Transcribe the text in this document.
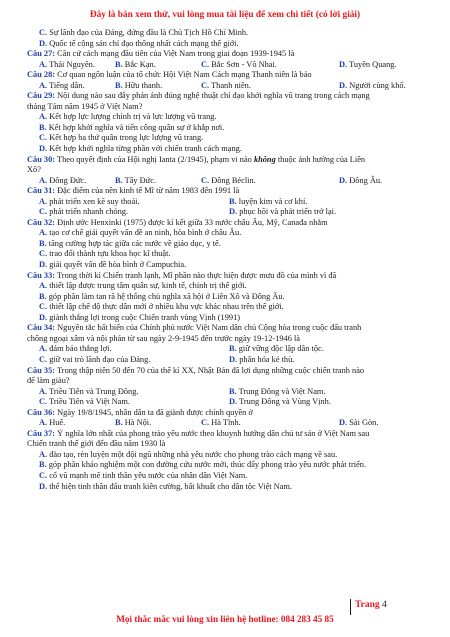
Đây là bản xem thử, vui lòng mua tài liệu để xem chi tiết (có lời giải)
C. Sự lãnh đạo của Đảng, đứng đầu là Chủ Tịch Hồ Chí Minh.
D. Quốc tế cộng sản chỉ đạo thống nhất cách mạng thế giới.
Câu 27: Căn cứ cách mạng đầu tiên của Việt Nam trong giai đoạn 1939-1945 là
A. Thái Nguyên.	B. Bắc Kạn.	C. Bắc Sơn - Võ Nhai.	D. Tuyên Quang.
Câu 28: Cơ quan ngôn luận của tổ chức Hội Việt Nam Cách mạng Thanh niên là báo
A. Tiếng dân.	B. Hữu thanh.	C. Thanh niên.	D. Người cùng khổ.
Câu 29: Nội dung nào sau đây phản ánh đúng nghệ thuật chỉ đạo khởi nghĩa vũ trang trong cách mạng
tháng Tám năm 1945 ở Việt Nam?
A. Kết hợp lực lượng chính trị và lực lượng vũ trang.
B. Kết hợp khởi nghĩa và tiến công quân sự ở khắp nơi.
C. Kết hợp ba thứ quân trong lực lượng vũ trang.
D. Kết hợp khởi nghĩa từng phần với chiến tranh cách mạng.
Câu 30: Theo quyết định của Hội nghị Ianta (2/1945), phạm vi nào không thuộc ảnh hưởng của Liên
Xô?
A. Đông Đức.	B. Tây Đức.	C. Đông Béclin.	D. Đông Âu.
Câu 31: Đặc điểm của nền kinh tế Mĩ từ năm 1983 đến 1991 là
A. phát triển xen kẽ suy thoái.	B. luyện kim và cơ khí.
C. phát triển nhanh chóng.	D. phục hồi và phát triển trở lại.
Câu 32: Định ước Henxinki (1975) được kí kết giữa 33 nước châu Âu, Mỹ, Canađa nhằm
A. tạo cơ chế giải quyết vấn đề an ninh, hòa bình ở châu Âu.
B. tăng cường hợp tác giữa các nước về giáo dục, y tế.
C. trao đổi thành tựu khoa học kĩ thuật.
D. giải quyết vấn đề hòa bình ở Campuchia.
Câu 33: Trong thời kì Chiến tranh lạnh, Mĩ phần nào thực hiện được mưu đồ của mình vì đã
A. thiết lập được trung tâm quân sự, kinh tế, chính trị thế giới.
B. góp phần làm tan rã hệ thống chủ nghĩa xã hội ở Liên Xô và Đông Âu.
C. thiết lập chế độ thực dân mới ở nhiều khu vực khác nhau trên thế giới.
D. giành thắng lợi trong cuộc Chiến tranh vùng Vịnh (1991)
Câu 34: Nguyên tắc bất biến của Chính phủ nước Việt Nam dân chủ Cộng hòa trong cuộc đấu tranh
chống ngoại xâm và nội phản từ sau ngày 2-9-1945 đến trước ngày 19-12-1946 là
A. đảm bảo thắng lợi.	B. giữ vững độc lập dân tộc.
C. giữ vai trò lãnh đạo của Đảng.	D. phân hóa kẻ thù.
Câu 35: Trong thập niên 50 đến 70 của thế kỉ XX, Nhật Bản đã lợi dụng những cuộc chiến tranh nào
để làm giàu?
A. Triều Tiên và Trung Đông.	B. Trung Đông và Việt Nam.
C. Triều Tiên và Việt Nam.	D. Trung Đông và Vùng Vịnh.
Câu 36: Ngày 19/8/1945, nhân dân ta đã giành được chính quyền ở
A. Huế.	B. Hà Nội.	C. Hà Tĩnh.	D. Sài Gòn.
Câu 37: Ý nghĩa lớn nhất của phong trào yêu nước theo khuynh hướng dân chủ tư sản ở Việt Nam sau
Chiến tranh thế giới đến đầu năm 1930 là
A. đào tạo, rèn luyện một đội ngũ những nhà yêu nước cho phong trào cách mạng về sau.
B. góp phần khảo nghiệm một con đường cứu nước mới, thúc đẩy phong trào yêu nước phát triển.
C. cổ vũ mạnh mẽ tinh thần yêu nước của nhân dân Việt Nam.
D. thể hiện tinh thần đấu tranh kiên cường, bất khuất cho dân tộc Việt Nam.
Trang 4
Mọi thắc mắc vui lòng xin liên hệ hotline: 084 283 45 85
